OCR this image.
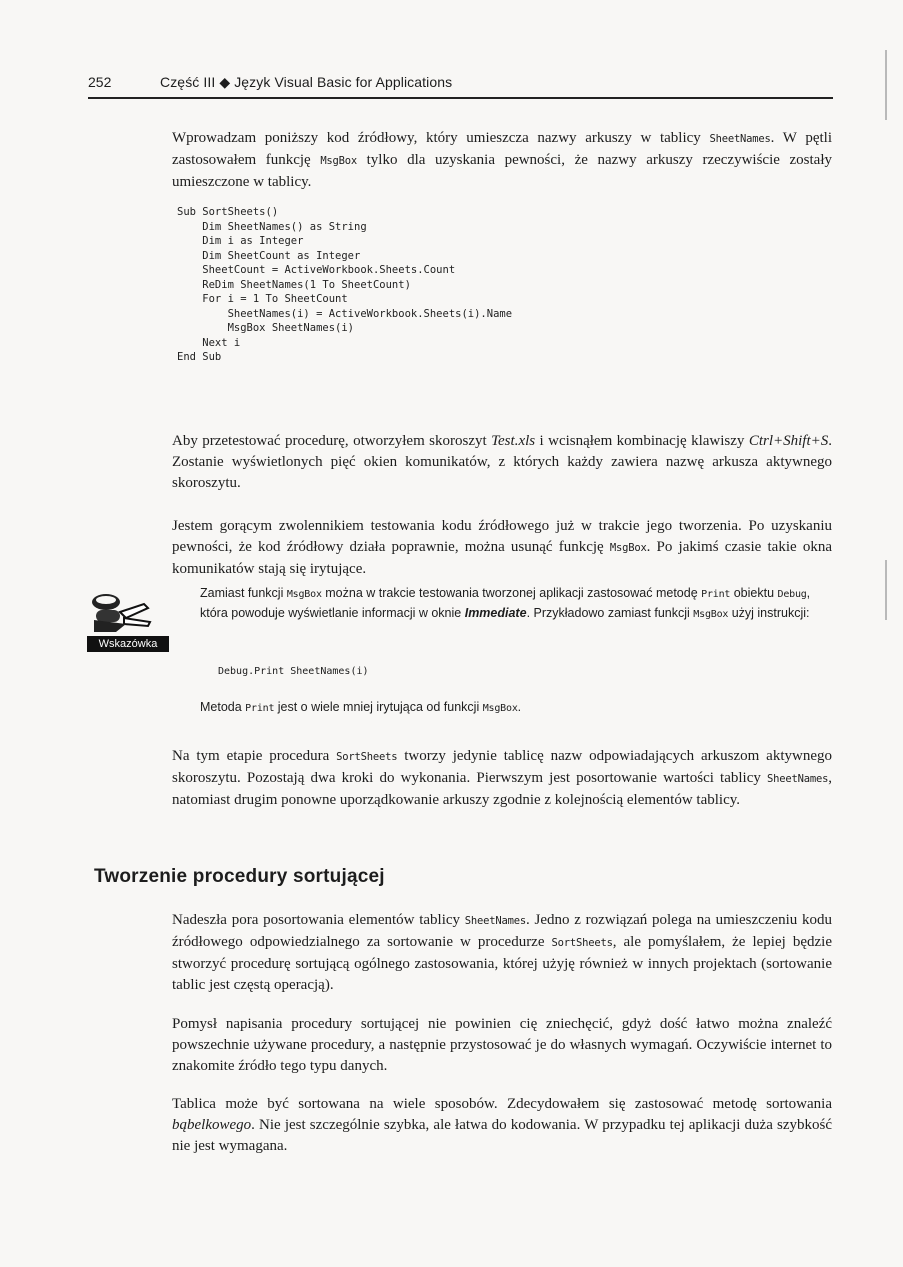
252	Część III ◆ Język Visual Basic for Applications
Wprowadzam poniższy kod źródłowy, który umieszcza nazwy arkuszy w tablicy SheetNames. W pętli zastosowałem funkcję MsgBox tylko dla uzyskania pewności, że nazwy arkuszy rzeczywiście zostały umieszczone w tablicy.
Sub SortSheets()
Dim SheetNames() as String
Dim i as Integer
Dim SheetCount as Integer
SheetCount = ActiveWorkbook.Sheets.Count
ReDim SheetNames(1 To SheetCount)
For i = 1 To SheetCount
SheetNames(i) = ActiveWorkbook.Sheets(i).Name
MsgBox SheetNames(i)
Next i
End Sub
Aby przetestować procedurę, otworzyłem skoroszyt Test.xls i wcisnąłem kombinację klawiszy Ctrl+Shift+S. Zostanie wyświetlonych pięć okien komunikatów, z których każdy zawiera nazwę arkusza aktywnego skoroszytu.
Jestem gorącym zwolennikiem testowania kodu źródłowego już w trakcie jego tworzenia. Po uzyskaniu pewności, że kod źródłowy działa poprawnie, można usunąć funkcję MsgBox. Po jakimś czasie takie okna komunikatów stają się irytujące.
Wskazówka
Zamiast funkcji MsgBox można w trakcie testowania tworzonej aplikacji zastosować metodę Print obiektu Debug, która powoduje wyświetlanie informacji w oknie Immediate. Przykładowo zamiast funkcji MsgBox użyj instrukcji:
Debug.Print SheetNames(i)
Metoda Print jest o wiele mniej irytująca od funkcji MsgBox.
Na tym etapie procedura SortSheets tworzy jedynie tablicę nazw odpowiadających arkuszom aktywnego skoroszytu. Pozostają dwa kroki do wykonania. Pierwszym jest posortowanie wartości tablicy SheetNames, natomiast drugim ponowne uporządkowanie arkuszy zgodnie z kolejnością elementów tablicy.
Tworzenie procedury sortującej
Nadeszła pora posortowania elementów tablicy SheetNames. Jedno z rozwiązań polega na umieszczeniu kodu źródłowego odpowiedzialnego za sortowanie w procedurze SortSheets, ale pomyślałem, że lepiej będzie stworzyć procedurę sortującą ogólnego zastosowania, której użyję również w innych projektach (sortowanie tablic jest częstą operacją).
Pomysł napisania procedury sortującej nie powinien cię zniechęcić, gdyż dość łatwo można znaleźć powszechnie używane procedury, a następnie przystosować je do własnych wymagań. Oczywiście internet to znakomite źródło tego typu danych.
Tablica może być sortowana na wiele sposobów. Zdecydowałem się zastosować metodę sortowania bąbelkowego. Nie jest szczególnie szybka, ale łatwa do kodowania. W przypadku tej aplikacji duża szybkość nie jest wymagana.
